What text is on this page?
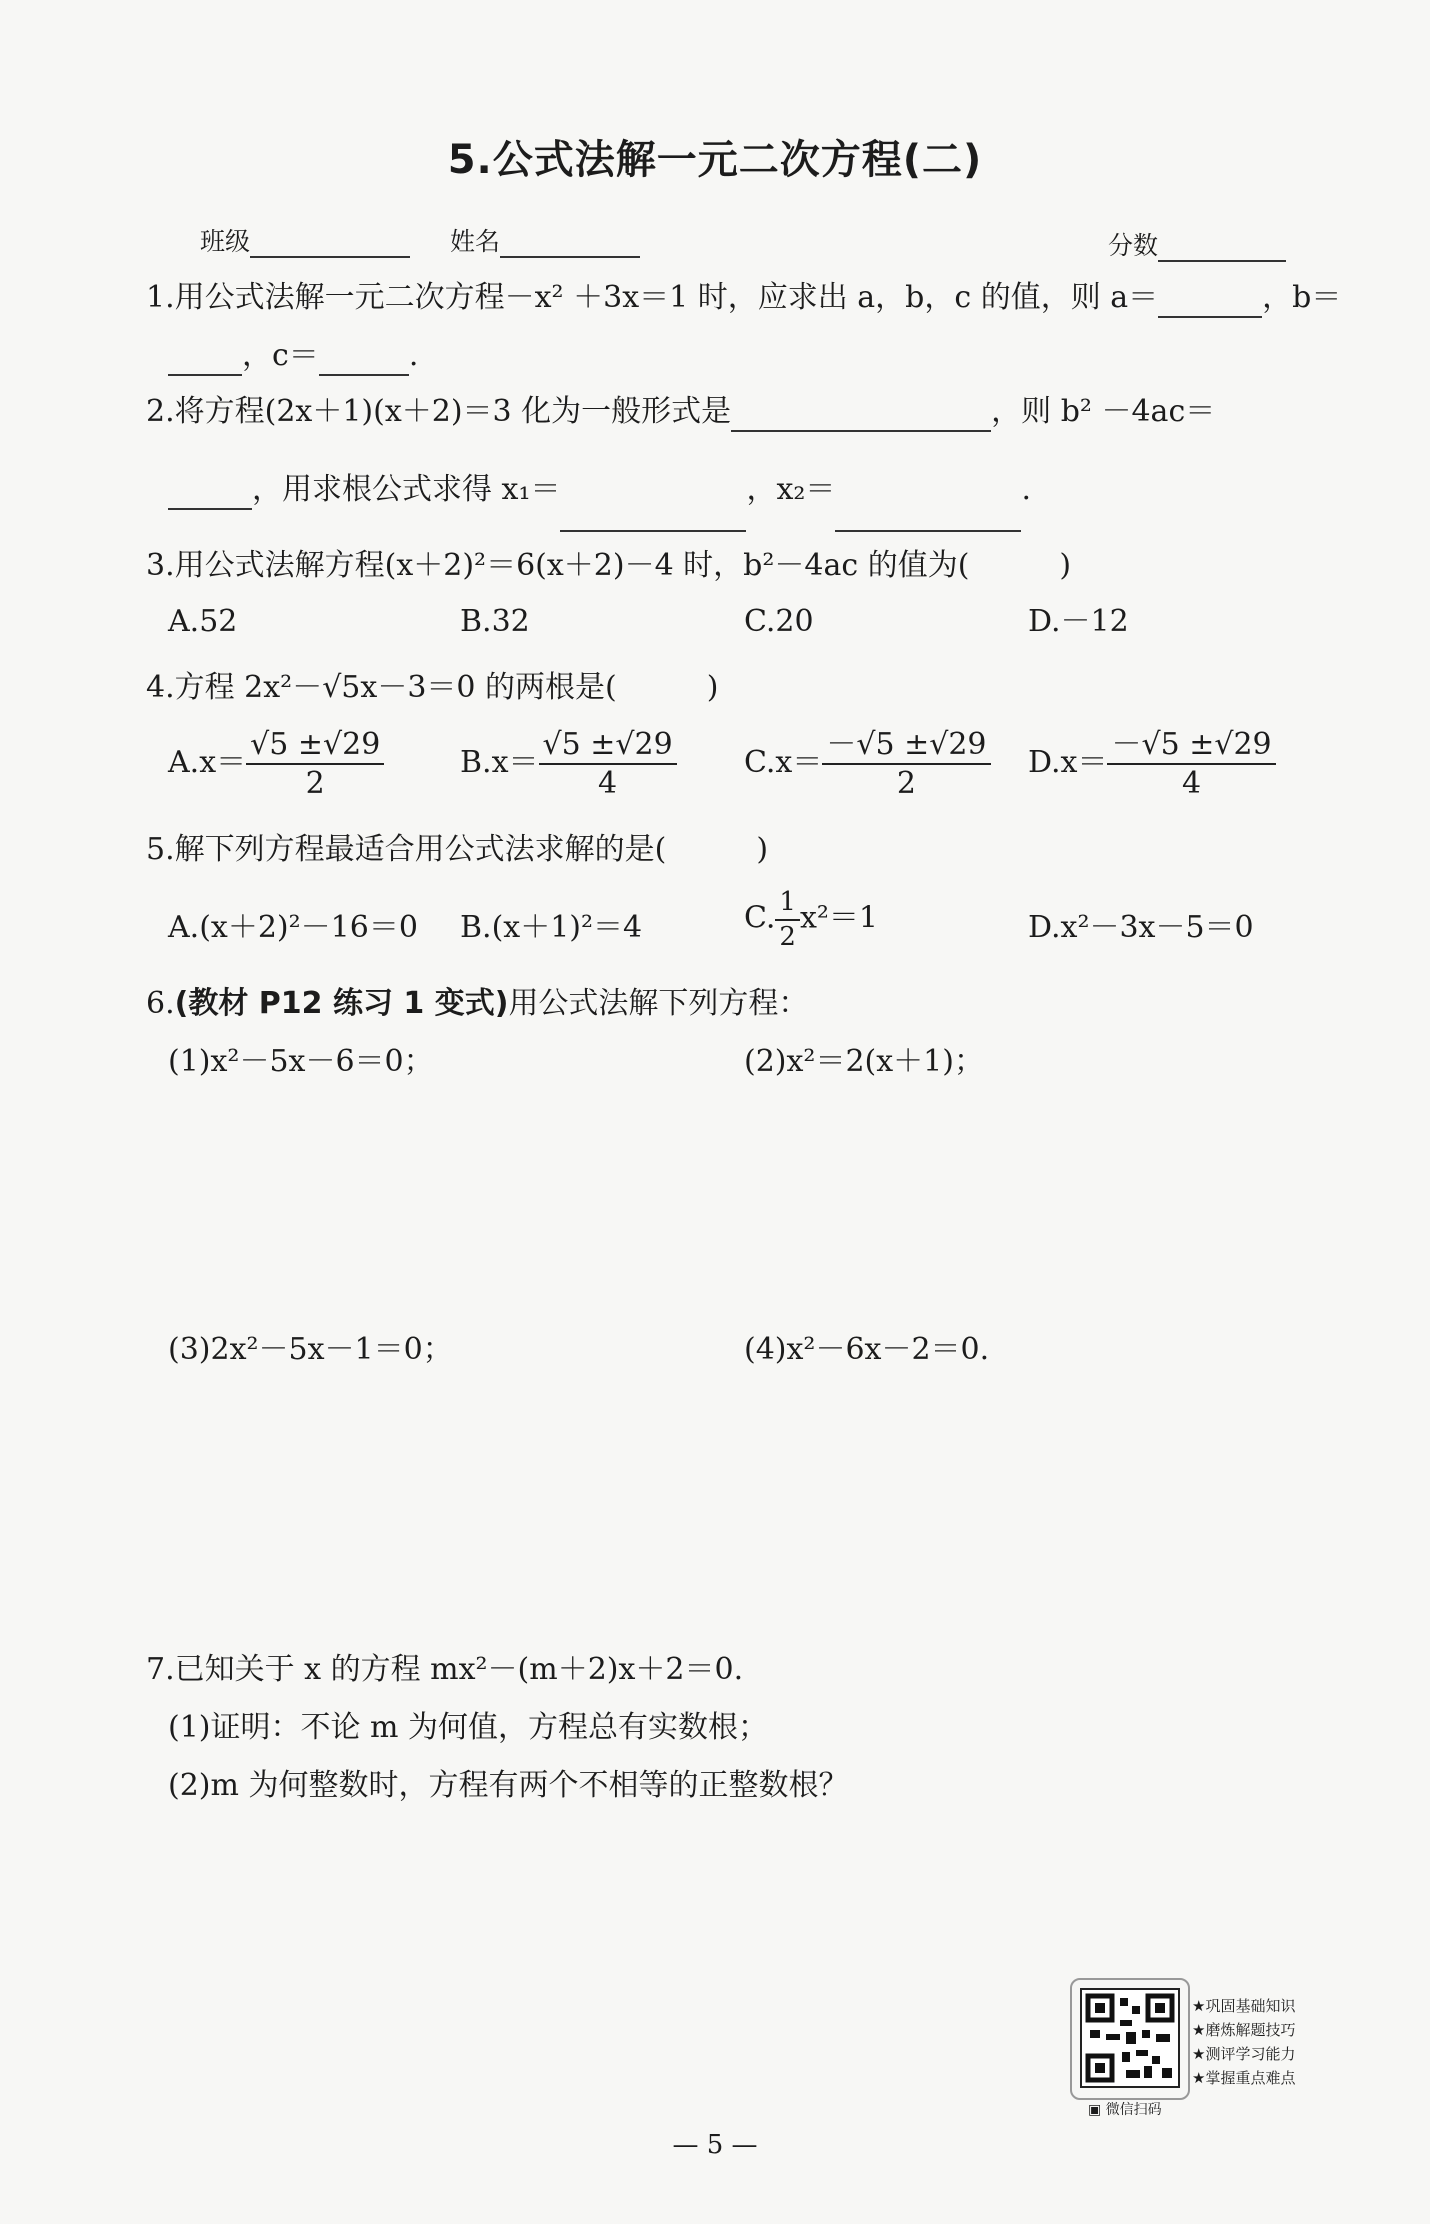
5.公式法解一元二次方程(二)
班级	姓名	分数
1.用公式法解一元二次方程－x² ＋3x＝1 时，应求出 a，b，c 的值，则 a＝	，b＝
，c＝	.
2.将方程(2x＋1)(x＋2)＝3 化为一般形式是	，则 b² －4ac＝
，用求根公式求得 x₁＝	，x₂＝	.
3.用公式法解方程(x＋2)²＝6(x＋2)－4 时，b²－4ac 的值为(　　　)
A.52	B.32	C.20	D.－12
4.方程 2x²－√5x－3＝0 的两根是(　　　)
$A.x= \frac{√5 \pm√29}{2}$	$B.x= \frac{√5 \pm√29}{4} C.x= \frac{-√5 \pm√29}{2} D.x= \frac{-√5 \pm√29}{4}$
5.解下列方程最适合用公式法求解的是(　　　)
A.(x＋2)²－16＝0 B.(x＋1)²＝4	C. $\frac{1}{2} x^2=1$	D.x²－3x－5＝0
6.(教材 P12 练习 1 变式)用公式法解下列方程：
(1)x²－5x－6＝0；	(2)x²＝2(x＋1)；
(3)2x²－5x－1＝0；	(4)x²－6x－2＝0.
7.已知关于 x 的方程 mx²－(m＋2)x＋2＝0.
(1)证明：不论 m 为何值，方程总有实数根；
(2)m 为何整数时，方程有两个不相等的正整数根？
★巩固基础知识
★磨炼解题技巧
★测评学习能力
★掌握重点难点
▣ 微信扫码
— 5 —
